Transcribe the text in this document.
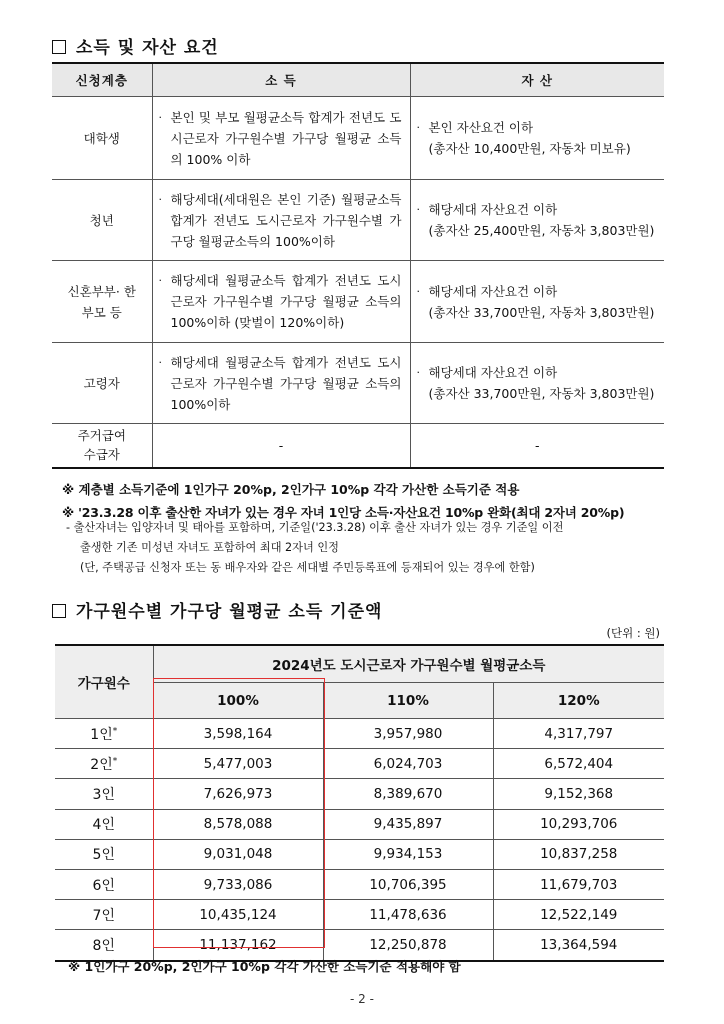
소득 및 자산 요건
신청계층	소 득	자 산
대학생	· 본인 및 부모 월평균소득 합계가 전년도 도시근로자 가구원수별 가구당 월평균 소득의 100% 이하	· 본인 자산요건 이하
(총자산 10,400만원, 자동차 미보유)

청년	· 해당세대(세대원은 본인 기준) 월평균소득 합계가 전년도 도시근로자 가구원수별 가구당 월평균소득의 100%이하	· 해당세대 자산요건 이하
(총자산 25,400만원, 자동차 3,803만원)

신혼부부· 한부모 등	· 해당세대 월평균소득 합계가 전년도 도시근로자 가구원수별 가구당 월평균 소득의 100%이하 (맞벌이 120%이하)	· 해당세대 자산요건 이하
(총자산 33,700만원, 자동차 3,803만원)

고령자	· 해당세대 월평균소득 합계가 전년도 도시근로자 가구원수별 가구당 월평균 소득의 100%이하	· 해당세대 자산요건 이하
(총자산 33,700만원, 자동차 3,803만원)

주거급여 수급자	-	-
※ 계층별 소득기준에 1인가구 20%p, 2인가구 10%p 각각 가산한 소득기준 적용
※ '23.3.28 이후 출산한 자녀가 있는 경우 자녀 1인당 소득·자산요건 10%p 완화(최대 2자녀 20%p)
- 출산자녀는 입양자녀 및 태아를 포함하며, 기준일('23.3.28) 이후 출산 자녀가 있는 경우 기준일 이전
출생한 기존 미성년 자녀도 포함하여 최대 2자녀 인정
(단, 주택공급 신청자 또는 동 배우자와 같은 세대별 주민등록표에 등재되어 있는 경우에 한함)
가구원수별 가구당 월평균 소득 기준액
(단위 : 원)
가구원수	2024년도 도시근로자 가구원수별 월평균소득		
	100%	110%	120%
1인*	3,598,164	3,957,980	4,317,797
2인*	5,477,003	6,024,703	6,572,404
3인	7,626,973	8,389,670	9,152,368
4인	8,578,088	9,435,897	10,293,706
5인	9,031,048	9,934,153	10,837,258
6인	9,733,086	10,706,395	11,679,703
7인	10,435,124	11,478,636	12,522,149
8인	11,137,162	12,250,878	13,364,594
※ 1인가구 20%p, 2인가구 10%p 각각 가산한 소득기준 적용해야 함
- 2 -
